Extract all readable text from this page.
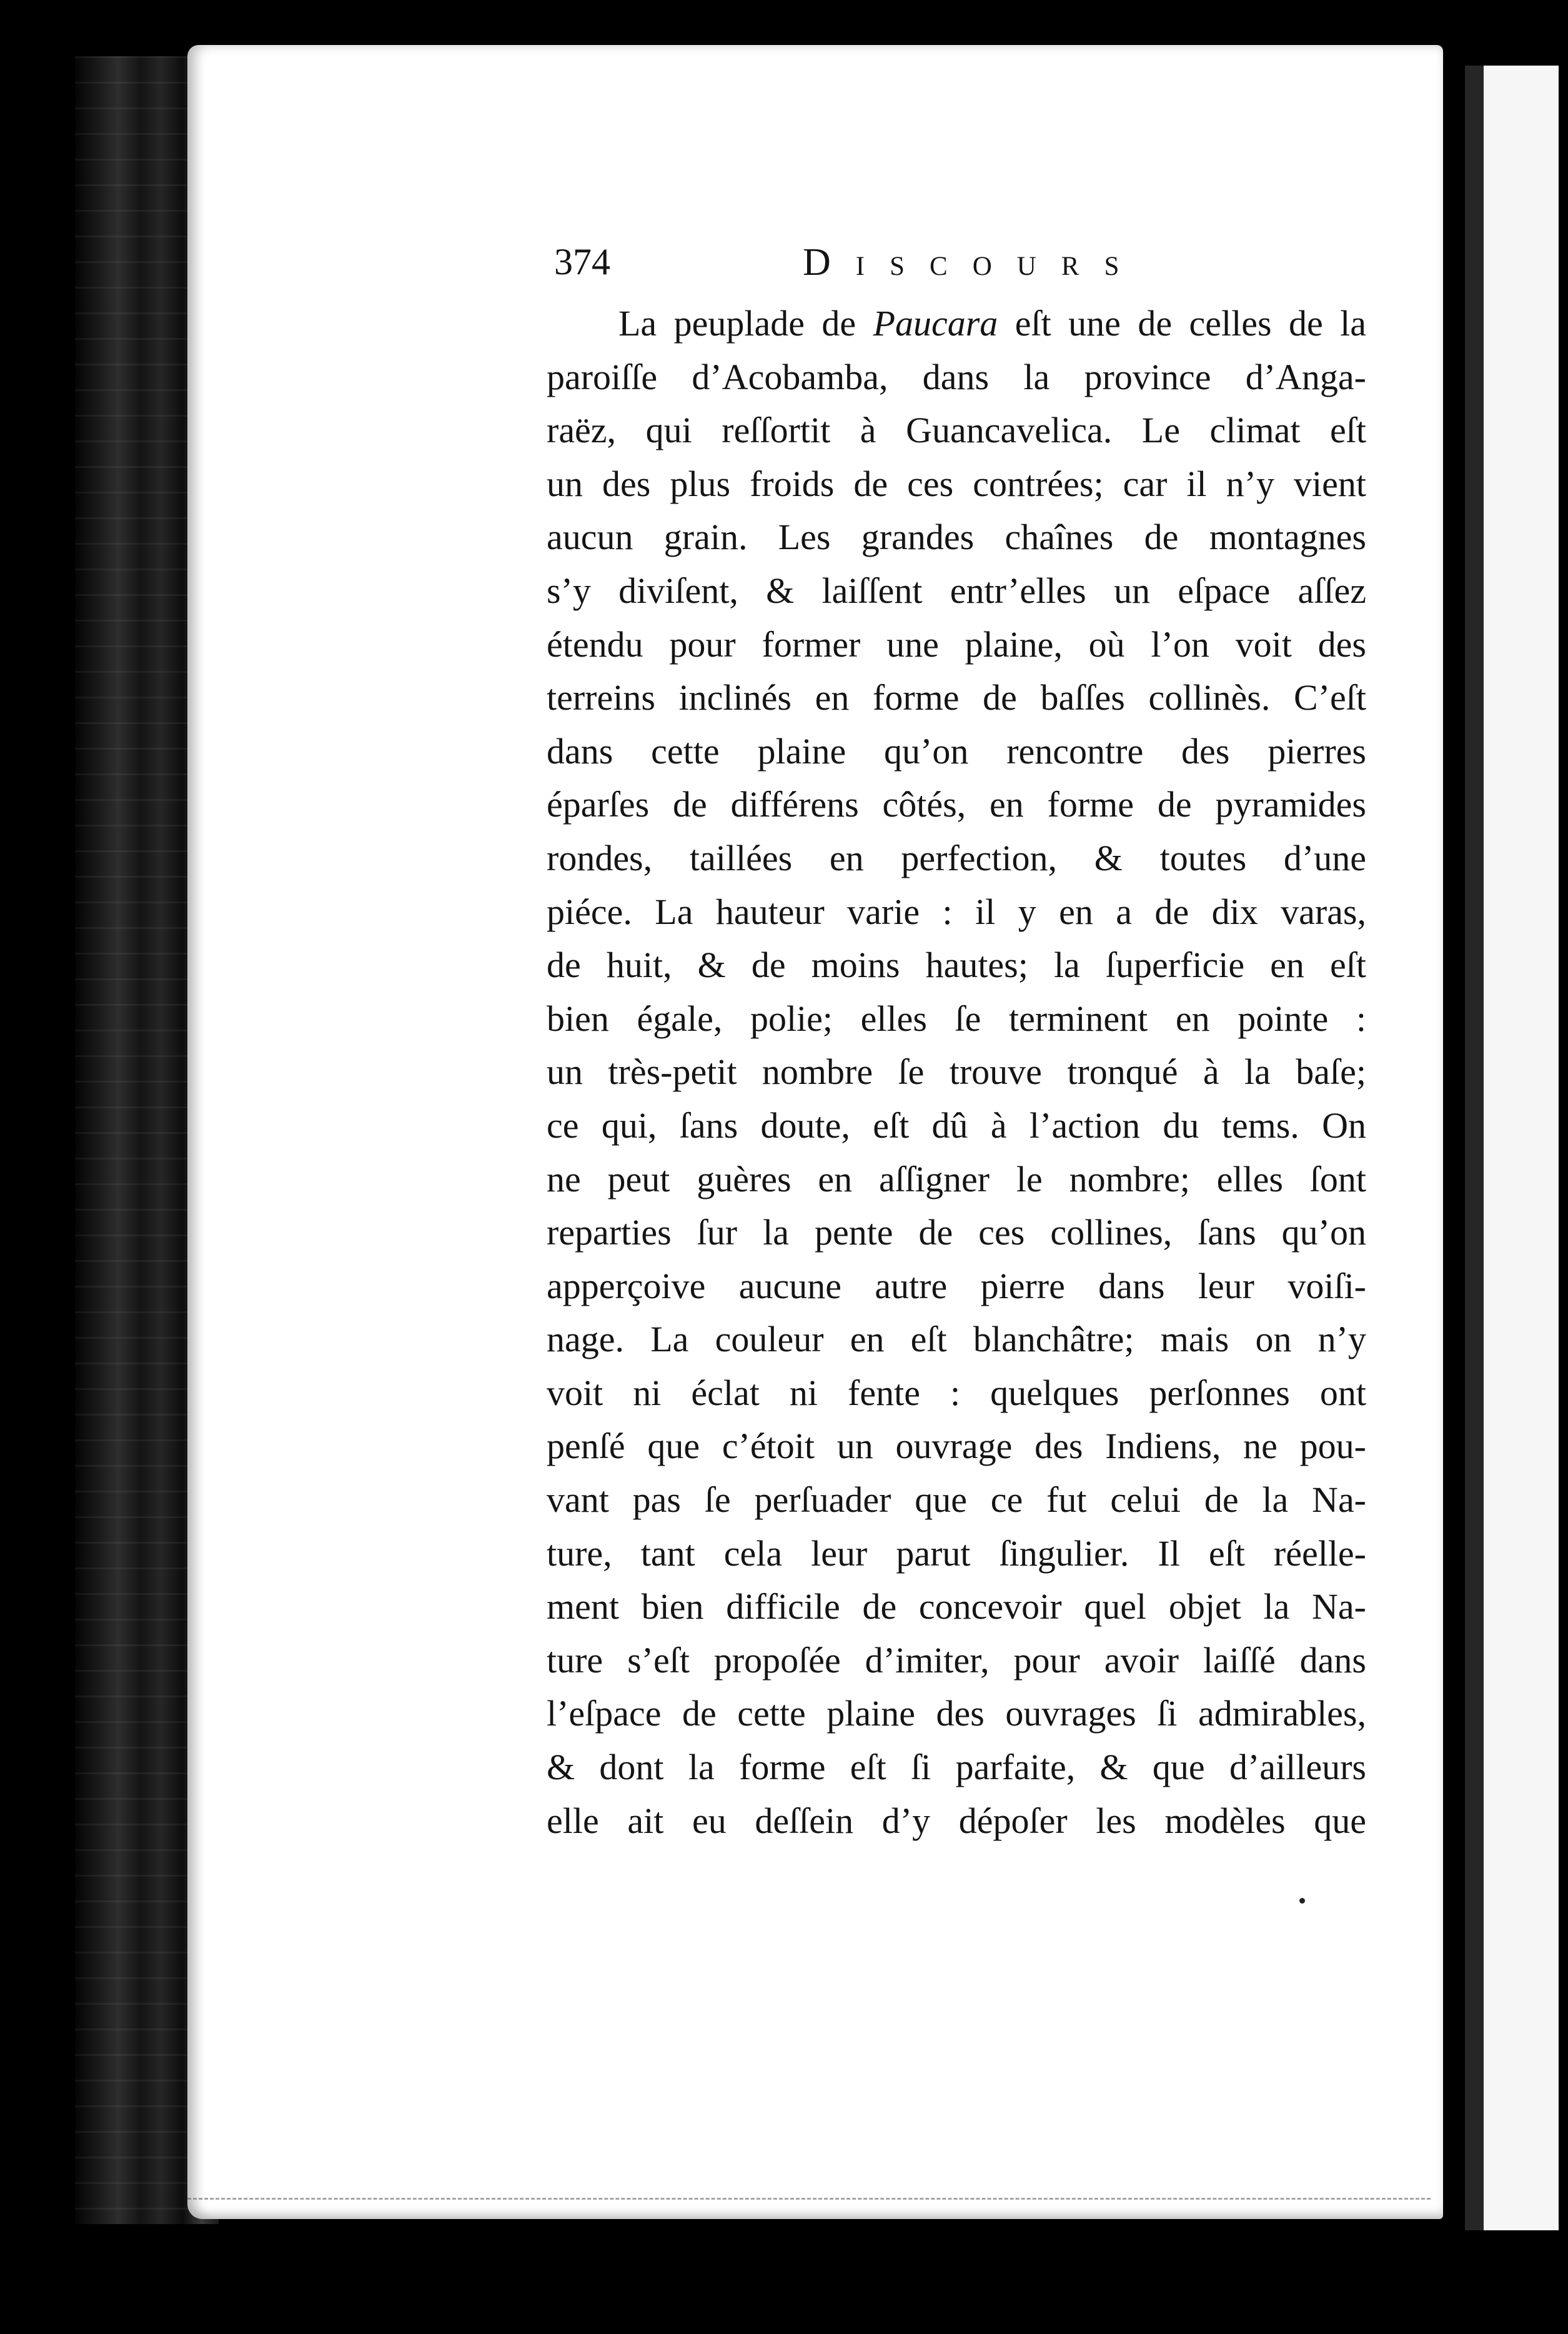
374	Discours
La peuplade de Paucara eſt une de celles de la
paroiſſe d’Acobamba, dans la province d’Anga-
raëz, qui reſſortit à Guancavelica. Le climat eſt
un des plus froids de ces contrées; car il n’y vient
aucun grain. Les grandes chaînes de montagnes
s’y diviſent, & laiſſent entr’elles un eſpace aſſez
étendu pour former une plaine, où l’on voit des
terreins inclinés en forme de baſſes collinès. C’eſt
dans cette plaine qu’on rencontre des pierres
éparſes de différens côtés, en forme de pyramides
rondes, taillées en perfection, & toutes d’une
piéce. La hauteur varie : il y en a de dix varas,
de huit, & de moins hautes; la ſuperficie en eſt
bien égale, polie; elles ſe terminent en pointe :
un très-petit nombre ſe trouve tronqué à la baſe;
ce qui, ſans doute, eſt dû à l’action du tems. On
ne peut guères en aſſigner le nombre; elles ſont
reparties ſur la pente de ces collines, ſans qu’on
apperçoive aucune autre pierre dans leur voiſi-
nage. La couleur en eſt blanchâtre; mais on n’y
voit ni éclat ni fente : quelques perſonnes ont
penſé que c’étoit un ouvrage des Indiens, ne pou-
vant pas ſe perſuader que ce fut celui de la Na-
ture, tant cela leur parut ſingulier. Il eſt réelle-
ment bien difficile de concevoir quel objet la Na-
ture s’eſt propoſée d’imiter, pour avoir laiſſé dans
l’eſpace de cette plaine des ouvrages ſi admirables,
& dont la forme eſt ſi parfaite, & que d’ailleurs
elle ait eu deſſein d’y dépoſer les modèles que
